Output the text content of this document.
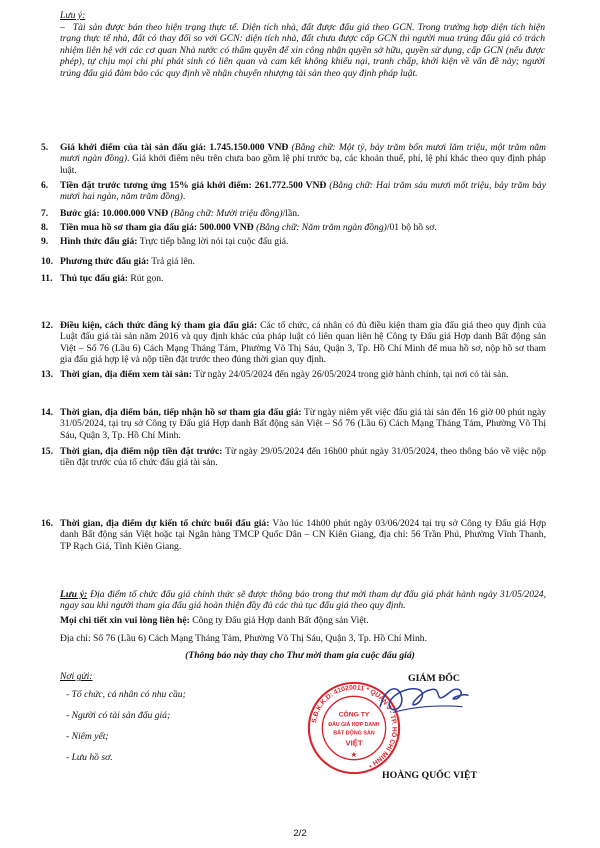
Lưu ý:
– Tài sản được bán theo hiện trạng thực tế. Diện tích nhà, đất được đấu giá theo GCN. Trong trường hợp diện tích hiện trạng thực tế nhà, đất có thay đổi so với GCN: diện tích nhà, đất chưa được cấp GCN thì người mua trúng đấu giá có trách nhiệm liên hệ với các cơ quan Nhà nước có thẩm quyền để xin công nhận quyền sở hữu, quyền sử dụng, cấp GCN (nếu được phép), tự chịu mọi chi phí phát sinh có liên quan và cam kết không khiếu nại, tranh chấp, khởi kiện về vấn đề này; người trúng đấu giá đảm bảo các quy định về nhận chuyển nhượng tài sản theo quy định pháp luật.
5. Giá khởi điểm của tài sản đấu giá: 1.745.150.000 VNĐ (Bằng chữ: Một tỷ, bảy trăm bốn mươi lăm triệu, một trăm năm mươi ngàn đồng). Giá khởi điểm nêu trên chưa bao gồm lệ phí trước bạ, các khoản thuế, phí, lệ phí khác theo quy định pháp luật.
6. Tiền đặt trước tương ứng 15% giá khởi điểm: 261.772.500 VNĐ (Bằng chữ: Hai trăm sáu mươi mốt triệu, bảy trăm bảy mươi hai ngàn, năm trăm đồng).
7. Bước giá: 10.000.000 VNĐ (Bằng chữ: Mười triệu đồng)/lần.
8. Tiền mua hồ sơ tham gia đấu giá: 500.000 VNĐ (Bằng chữ: Năm trăm ngàn đồng)/01 bộ hồ sơ.
9. Hình thức đấu giá: Trực tiếp bằng lời nói tại cuộc đấu giá.
10. Phương thức đấu giá: Trả giá lên.
11. Thủ tục đấu giá: Rút gọn.
12. Điều kiện, cách thức đăng ký tham gia đấu giá: Các tổ chức, cá nhân có đủ điều kiện tham gia đấu giá theo quy định của Luật đấu giá tài sản năm 2016 và quy định khác của pháp luật có liên quan liên hệ Công ty Đấu giá Hợp danh Bất động sản Việt – Số 76 (Lầu 6) Cách Mạng Tháng Tám, Phường Võ Thị Sáu, Quận 3, Tp. Hồ Chí Minh để mua hồ sơ, nộp hồ sơ tham gia đấu giá hợp lệ và nộp tiền đặt trước theo đúng thời gian quy định.
13. Thời gian, địa điểm xem tài sản: Từ ngày 24/05/2024 đến ngày 26/05/2024 trong giờ hành chính, tại nơi có tài sản.
14. Thời gian, địa điểm bán, tiếp nhận hồ sơ tham gia đấu giá: Từ ngày niêm yết việc đấu giá tài sản đến 16 giờ 00 phút ngày 31/05/2024, tại trụ sở Công ty Đấu giá Hợp danh Bất động sản Việt – Số 76 (Lầu 6) Cách Mạng Tháng Tám, Phường Võ Thị Sáu, Quận 3, Tp. Hồ Chí Minh.
15. Thời gian, địa điểm nộp tiền đặt trước: Từ ngày 29/05/2024 đến 16h00 phút ngày 31/05/2024, theo thông báo về việc nộp tiền đặt trước của tổ chức đấu giá tài sản.
16. Thời gian, địa điểm dự kiến tổ chức buổi đấu giá: Vào lúc 14h00 phút ngày 03/06/2024 tại trụ sở Công ty Đấu giá Hợp danh Bất động sản Việt hoặc tại Ngân hàng TMCP Quốc Dân – CN Kiên Giang, địa chỉ: 56 Trần Phú, Phường Vĩnh Thanh, TP Rạch Giá, Tỉnh Kiên Giang.
Lưu ý: Địa điểm tổ chức đấu giá chính thức sẽ được thông báo trong thư mời tham dự đấu giá phát hành ngày 31/05/2024, ngay sau khi người tham gia đấu giá hoàn thiện đầy đủ các thủ tục đấu giá theo quy định.
Mọi chi tiết xin vui lòng liên hệ: Công ty Đấu giá Hợp danh Bất động sản Việt.
Địa chỉ: Số 76 (Lầu 6) Cách Mạng Tháng Tám, Phường Võ Thị Sáu, Quận 3, Tp. Hồ Chí Minh.
(Thông báo này thay cho Thư mời tham gia cuộc đấu giá)
Nơi gửi:
- Tổ chức, cá nhân có nhu cầu;
- Người có tài sản đấu giá;
- Niêm yết;
- Lưu hồ sơ.
GIÁM ĐỐC
S.Đ.K.K.D: 41020011 * QUẬN 3 - TP. HỒ CHÍ MINH *
CÔNG TY
ĐẤU GIÁ HỢP DANH
BẤT ĐỘNG SẢN
VIỆT
★
HOÀNG QUỐC VIỆT
2/2
